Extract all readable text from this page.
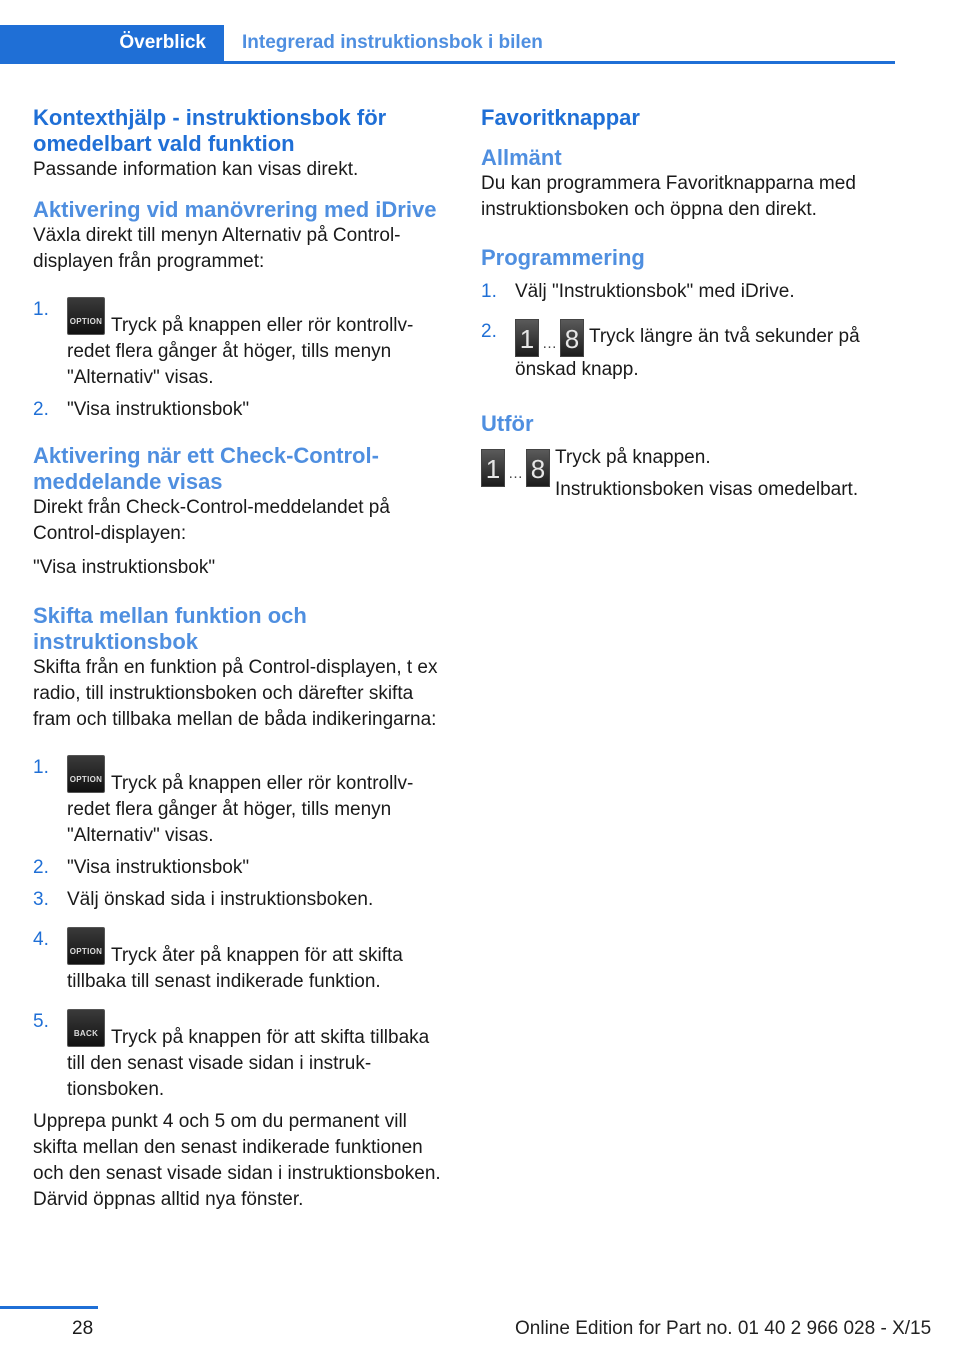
Överblick	Integrerad instruktionsbok i bilen
Kontexthjälp - instruktionsbok för omedelbart vald funktion

Passande information kan visas direkt.

Aktivering vid manövrering med iDrive

Växla direkt till menyn Alternativ på Control-displayen från programmet:

1.
OPTION Tryck på knappen eller rör kontrollvredet flera gånger åt höger, tills menyn "Alternativ" visas.
2. "Visa instruktionsbok"
Aktivering när ett Check-Control-meddelande visas

Direkt från Check-Control-meddelandet på Control-displayen:

"Visa instruktionsbok"

Skifta mellan funktion och instruktionsbok

Skifta från en funktion på Control-displayen, t ex radio, till instruktionsboken och därefter skifta fram och tillbaka mellan de båda indikeringarna:

1.
OPTION Tryck på knappen eller rör kontrollvredet flera gånger åt höger, tills menyn "Alternativ" visas.
2. "Visa instruktionsbok"
3. Välj önskad sida i instruktionsboken.
4.
OPTION Tryck åter på knappen för att skifta tillbaka till senast indikerade funktion.
5.
BACK Tryck på knappen för att skifta tillbaka till den senast visade sidan i instruktionsboken.

Upprepa punkt 4 och 5 om du permanent vill skifta mellan den senast indikerade funktionen och den senast visade sidan i instruktionsboken. Därvid öppnas alltid nya fönster.

Favoritknappar
Allmänt

Du kan programmera Favoritknapparna med instruktionsboken och öppna den direkt.

Programmering
1. Välj "Instruktionsbok" med iDrive.
2. 1 … 8 Tryck längre än två sekunder på önskad knapp.
Utför
1 … 8 Tryck på knappen.

Instruktionsboken visas omedelbart.

28	Online Edition for Part no. 01 40 2 966 028 - X/15
